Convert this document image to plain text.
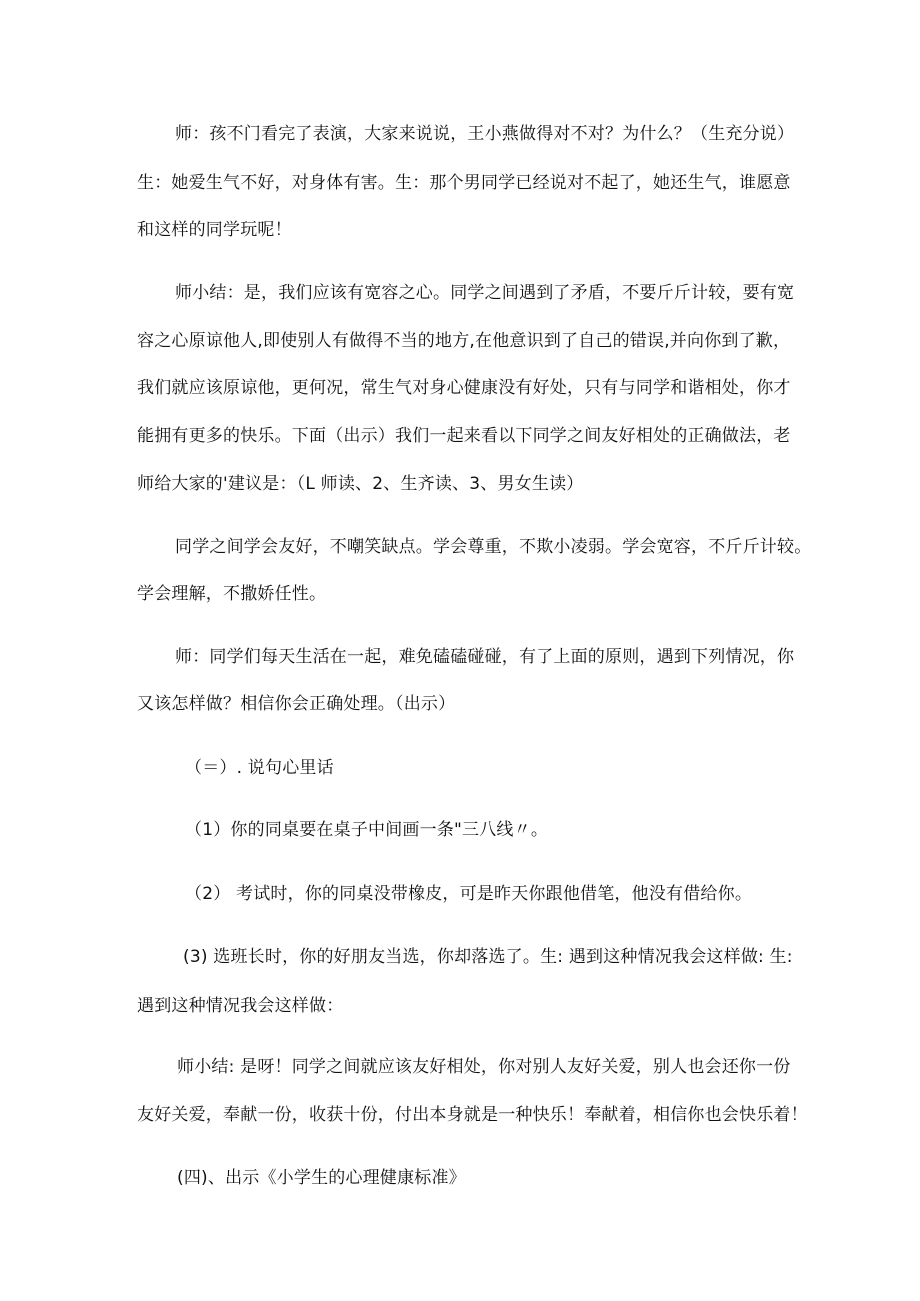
师：孩不门看完了表演，大家来说说，王小燕做得对不对？为什么？（生充分说）
生：她爱生气不好，对身体有害。生：那个男同学已经说对不起了，她还生气，谁愿意
和这样的同学玩呢！
师小结：是，我们应该有宽容之心。同学之间遇到了矛盾，不要斤斤计较，要有宽
容之心原谅他人,即使别人有做得不当的地方,在他意识到了自己的错误,并向你到了歉，
我们就应该原谅他，更何况，常生气对身心健康没有好处，只有与同学和谐相处，你才
能拥有更多的快乐。下面（出示）我们一起来看以下同学之间友好相处的正确做法，老
师给大家的'建议是：（L 师读、2、生齐读、3、男女生读）
同学之间学会友好，不嘲笑缺点。学会尊重，不欺小凌弱。学会宽容，不斤斤计较。
学会理解，不撒娇任性。
师：同学们每天生活在一起，难免磕磕碰碰，有了上面的原则，遇到下列情况，你
又该怎样做？相信你会正确处理。（出示）
（＝）. 说句心里话
（1）你的同桌要在桌子中间画一条"三八线〃。
（2） 考试时，你的同桌没带橡皮，可是昨天你跟他借笔，他没有借给你。
(3) 选班长时，你的好朋友当选，你却落选了。生: 遇到这种情况我会这样做: 生:
遇到这种情况我会这样做：
师小结: 是呀！同学之间就应该友好相处，你对别人友好关爱，别人也会还你一份
友好关爱，奉献一份，收获十份，付出本身就是一种快乐！奉献着，相信你也会快乐着！
(四)、出示《小学生的心理健康标准》
